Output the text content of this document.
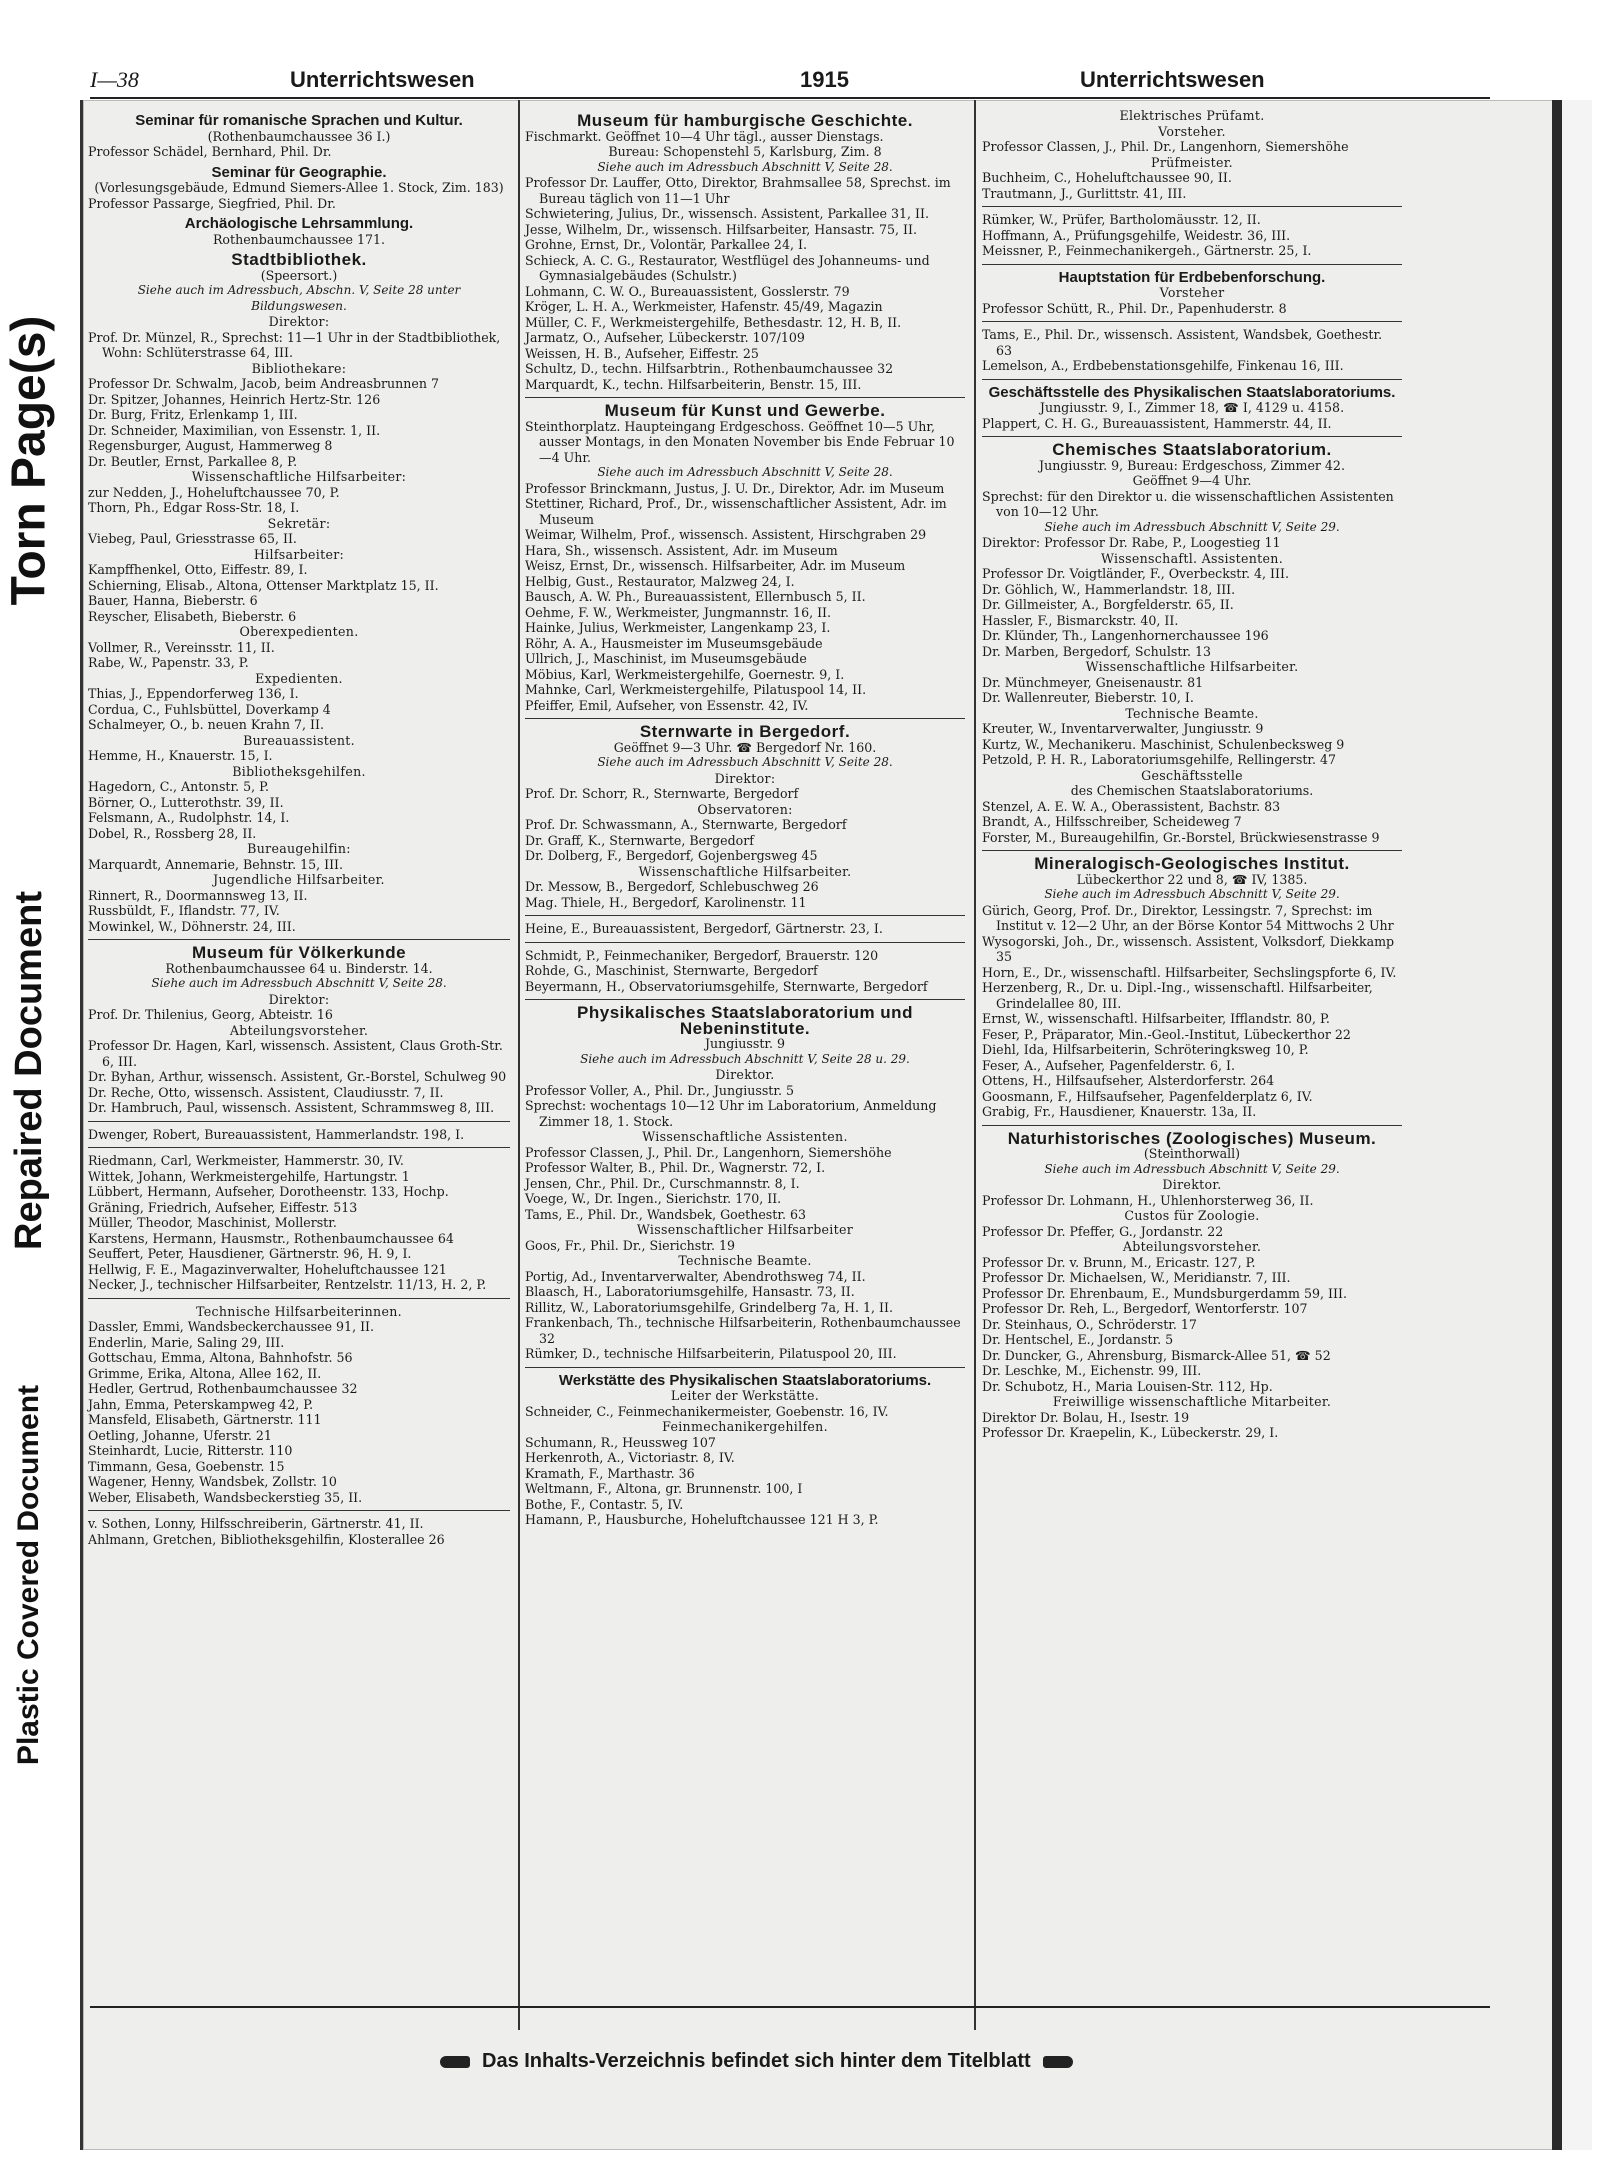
Plastic Covered Document
Repaired Document
Torn Page(s)
I—38	Unterrichtswesen	1915	Unterrichtswesen
Seminar für romanische Sprachen und Kultur.
(Rothenbaumchaussee 36 I.)
Professor Schädel, Bernhard, Phil. Dr.
Seminar für Geographie.
(Vorlesungsgebäude, Edmund Siemers-Allee 1. Stock, Zim. 183)
Professor Passarge, Siegfried, Phil. Dr.
Archäologische Lehrsammlung.
Rothenbaumchaussee 171.
Stadtbibliothek.
(Speersort.)
Siehe auch im Adressbuch, Abschn. V, Seite 28 unter Bildungswesen.
Direktor:
Prof. Dr. Münzel, R., Sprechst: 11—1 Uhr in der Stadtbibliothek, Wohn: Schlüterstrasse 64, III.
Bibliothekare:
Professor Dr. Schwalm, Jacob, beim Andreasbrunnen 7
Dr. Spitzer, Johannes, Heinrich Hertz-Str. 126
Dr. Burg, Fritz, Erlenkamp 1, III.
Dr. Schneider, Maximilian, von Essenstr. 1, II.
Regensburger, August, Hammerweg 8
Dr. Beutler, Ernst, Parkallee 8, P.
Wissenschaftliche Hilfsarbeiter:
zur Nedden, J., Hoheluftchaussee 70, P.
Thorn, Ph., Edgar Ross-Str. 18, I.
Sekretär:
Viebeg, Paul, Griesstrasse 65, II.
Hilfsarbeiter:
Kampffhenkel, Otto, Eiffestr. 89, I.
Schierning, Elisab., Altona, Ottenser Marktplatz 15, II.
Bauer, Hanna, Bieberstr. 6
Reyscher, Elisabeth, Bieberstr. 6
Oberexpedienten.
Vollmer, R., Vereinsstr. 11, II.
Rabe, W., Papenstr. 33, P.
Expedienten.
Thias, J., Eppendorferweg 136, I.
Cordua, C., Fuhlsbüttel, Doverkamp 4
Schalmeyer, O., b. neuen Krahn 7, II.
Bureauassistent.
Hemme, H., Knauerstr. 15, I.
Bibliotheksgehilfen.
Hagedorn, C., Antonstr. 5, P.
Börner, O., Lutterothstr. 39, II.
Felsmann, A., Rudolphstr. 14, I.
Dobel, R., Rossberg 28, II.
Bureaugehilfin:
Marquardt, Annemarie, Behnstr. 15, III.
Jugendliche Hilfsarbeiter.
Rinnert, R., Doormannsweg 13, II.
Russbüldt, F., Iflandstr. 77, IV.
Mowinkel, W., Döhnerstr. 24, III.
Museum für Völkerkunde
Rothenbaumchaussee 64 u. Binderstr. 14.
Siehe auch im Adressbuch Abschnitt V, Seite 28.
Direktor:
Prof. Dr. Thilenius, Georg, Abteistr. 16
Abteilungsvorsteher.
Professor Dr. Hagen, Karl, wissensch. Assistent, Claus Groth-Str. 6, III.
Dr. Byhan, Arthur, wissensch. Assistent, Gr.-Borstel, Schulweg 90
Dr. Reche, Otto, wissensch. Assistent, Claudiusstr. 7, II.
Dr. Hambruch, Paul, wissensch. Assistent, Schrammsweg 8, III.
Dwenger, Robert, Bureauassistent, Hammerlandstr. 198, I.
Riedmann, Carl, Werkmeister, Hammerstr. 30, IV.
Wittek, Johann, Werkmeistergehilfe, Hartungstr. 1
Lübbert, Hermann, Aufseher, Dorotheenstr. 133, Hochp.
Gräning, Friedrich, Aufseher, Eiffestr. 513
Müller, Theodor, Maschinist, Mollerstr.
Karstens, Hermann, Hausmstr., Rothenbaumchaussee 64
Seuffert, Peter, Hausdiener, Gärtnerstr. 96, H. 9, I.
Hellwig, F. E., Magazinverwalter, Hoheluftchaussee 121
Necker, J., technischer Hilfsarbeiter, Rentzelstr. 11/13, H. 2, P.
Technische Hilfsarbeiterinnen.
Dassler, Emmi, Wandsbeckerchaussee 91, II.
Enderlin, Marie, Saling 29, III.
Gottschau, Emma, Altona, Bahnhofstr. 56
Grimme, Erika, Altona, Allee 162, II.
Hedler, Gertrud, Rothenbaumchaussee 32
Jahn, Emma, Peterskampweg 42, P.
Mansfeld, Elisabeth, Gärtnerstr. 111
Oetling, Johanne, Uferstr. 21
Steinhardt, Lucie, Ritterstr. 110
Timmann, Gesa, Goebenstr. 15
Wagener, Henny, Wandsbek, Zollstr. 10
Weber, Elisabeth, Wandsbeckerstieg 35, II.
v. Sothen, Lonny, Hilfsschreiberin, Gärtnerstr. 41, II.
Ahlmann, Gretchen, Bibliotheksgehilfin, Klosterallee 26
Museum für hamburgische Geschichte.
Fischmarkt. Geöffnet 10—4 Uhr tägl., ausser Dienstags.
Bureau: Schopenstehl 5, Karlsburg, Zim. 8
Siehe auch im Adressbuch Abschnitt V, Seite 28.
Professor Dr. Lauffer, Otto, Direktor, Brahmsallee 58, Sprechst. im Bureau täglich von 11—1 Uhr
Schwietering, Julius, Dr., wissensch. Assistent, Parkallee 31, II.
Jesse, Wilhelm, Dr., wissensch. Hilfsarbeiter, Hansastr. 75, II.
Grohne, Ernst, Dr., Volontär, Parkallee 24, I.
Schieck, A. C. G., Restaurator, Westflügel des Johanneums- und Gymnasialgebäudes (Schulstr.)
Lohmann, C. W. O., Bureauassistent, Gosslerstr. 79
Kröger, L. H. A., Werkmeister, Hafenstr. 45/49, Magazin
Müller, C. F., Werkmeistergehilfe, Bethesdastr. 12, H. B, II.
Jarmatz, O., Aufseher, Lübeckerstr. 107/109
Weissen, H. B., Aufseher, Eiffestr. 25
Schultz, D., techn. Hilfsarbtrin., Rothenbaumchaussee 32
Marquardt, K., techn. Hilfsarbeiterin, Benstr. 15, III.
Museum für Kunst und Gewerbe.
Steinthorplatz. Haupteingang Erdgeschoss. Geöffnet 10—5 Uhr, ausser Montags, in den Monaten November bis Ende Februar 10—4 Uhr.
Siehe auch im Adressbuch Abschnitt V, Seite 28.
Professor Brinckmann, Justus, J. U. Dr., Direktor, Adr. im Museum
Stettiner, Richard, Prof., Dr., wissenschaftlicher Assistent, Adr. im Museum
Weimar, Wilhelm, Prof., wissensch. Assistent, Hirschgraben 29
Hara, Sh., wissensch. Assistent, Adr. im Museum
Weisz, Ernst, Dr., wissensch. Hilfsarbeiter, Adr. im Museum
Helbig, Gust., Restaurator, Malzweg 24, I.
Bausch, A. W. Ph., Bureauassistent, Ellernbusch 5, II.
Oehme, F. W., Werkmeister, Jungmannstr. 16, II.
Hainke, Julius, Werkmeister, Langenkamp 23, I.
Röhr, A. A., Hausmeister im Museumsgebäude
Ullrich, J., Maschinist, im Museumsgebäude
Möbius, Karl, Werkmeistergehilfe, Goernestr. 9, I.
Mahnke, Carl, Werkmeistergehilfe, Pilatuspool 14, II.
Pfeiffer, Emil, Aufseher, von Essenstr. 42, IV.
Sternwarte in Bergedorf.
Geöffnet 9—3 Uhr. ☎ Bergedorf Nr. 160.
Siehe auch im Adressbuch Abschnitt V, Seite 28.
Direktor:
Prof. Dr. Schorr, R., Sternwarte, Bergedorf
Observatoren:
Prof. Dr. Schwassmann, A., Sternwarte, Bergedorf
Dr. Graff, K., Sternwarte, Bergedorf
Dr. Dolberg, F., Bergedorf, Gojenbergsweg 45
Wissenschaftliche Hilfsarbeiter.
Dr. Messow, B., Bergedorf, Schlebuschweg 26
Mag. Thiele, H., Bergedorf, Karolinenstr. 11
Heine, E., Bureauassistent, Bergedorf, Gärtnerstr. 23, I.
Schmidt, P., Feinmechaniker, Bergedorf, Brauerstr. 120
Rohde, G., Maschinist, Sternwarte, Bergedorf
Beyermann, H., Observatoriumsgehilfe, Sternwarte, Bergedorf
Physikalisches Staatslaboratorium und Nebeninstitute.
Jungiusstr. 9
Siehe auch im Adressbuch Abschnitt V, Seite 28 u. 29.
Direktor.
Professor Voller, A., Phil. Dr., Jungiusstr. 5
Sprechst: wochentags 10—12 Uhr im Laboratorium, Anmeldung Zimmer 18, 1. Stock.
Wissenschaftliche Assistenten.
Professor Classen, J., Phil. Dr., Langenhorn, Siemershöhe
Professor Walter, B., Phil. Dr., Wagnerstr. 72, I.
Jensen, Chr., Phil. Dr., Curschmannstr. 8, I.
Voege, W., Dr. Ingen., Sierichstr. 170, II.
Tams, E., Phil. Dr., Wandsbek, Goethestr. 63
Wissenschaftlicher Hilfsarbeiter
Goos, Fr., Phil. Dr., Sierichstr. 19
Technische Beamte.
Portig, Ad., Inventarverwalter, Abendrothsweg 74, II.
Blaasch, H., Laboratoriumsgehilfe, Hansastr. 73, II.
Rillitz, W., Laboratoriumsgehilfe, Grindelberg 7a, H. 1, II.
Frankenbach, Th., technische Hilfsarbeiterin, Rothenbaumchaussee 32
Rümker, D., technische Hilfsarbeiterin, Pilatuspool 20, III.
Werkstätte des Physikalischen Staatslaboratoriums.
Leiter der Werkstätte.
Schneider, C., Feinmechanikermeister, Goebenstr. 16, IV.
Feinmechanikergehilfen.
Schumann, R., Heussweg 107
Herkenroth, A., Victoriastr. 8, IV.
Kramath, F., Marthastr. 36
Weltmann, F., Altona, gr. Brunnenstr. 100, I
Bothe, F., Contastr. 5, IV.
Hamann, P., Hausburche, Hoheluftchaussee 121 H 3, P.
Elektrisches Prüfamt.
Vorsteher.
Professor Classen, J., Phil. Dr., Langenhorn, Siemershöhe
Prüfmeister.
Buchheim, C., Hoheluftchaussee 90, II.
Trautmann, J., Gurlittstr. 41, III.
Rümker, W., Prüfer, Bartholomäusstr. 12, II.
Hoffmann, A., Prüfungsgehilfe, Weidestr. 36, III.
Meissner, P., Feinmechanikergeh., Gärtnerstr. 25, I.
Hauptstation für Erdbebenforschung.
Vorsteher
Professor Schütt, R., Phil. Dr., Papenhuderstr. 8
Tams, E., Phil. Dr., wissensch. Assistent, Wandsbek, Goethestr. 63
Lemelson, A., Erdbebenstationsgehilfe, Finkenau 16, III.
Geschäftsstelle des Physikalischen Staatslaboratoriums.
Jungiusstr. 9, I., Zimmer 18, ☎ I, 4129 u. 4158.
Plappert, C. H. G., Bureauassistent, Hammerstr. 44, II.
Chemisches Staatslaboratorium.
Jungiusstr. 9, Bureau: Erdgeschoss, Zimmer 42.
Geöffnet 9—4 Uhr.
Sprechst: für den Direktor u. die wissenschaftlichen Assistenten von 10—12 Uhr.
Siehe auch im Adressbuch Abschnitt V, Seite 29.
Direktor: Professor Dr. Rabe, P., Loogestieg 11
Wissenschaftl. Assistenten.
Professor Dr. Voigtländer, F., Overbeckstr. 4, III.
Dr. Göhlich, W., Hammerlandstr. 18, III.
Dr. Gillmeister, A., Borgfelderstr. 65, II.
Hassler, F., Bismarckstr. 40, II.
Dr. Klünder, Th., Langenhornerchaussee 196
Dr. Marben, Bergedorf, Schulstr. 13
Wissenschaftliche Hilfsarbeiter.
Dr. Münchmeyer, Gneisenaustr. 81
Dr. Wallenreuter, Bieberstr. 10, I.
Technische Beamte.
Kreuter, W., Inventarverwalter, Jungiusstr. 9
Kurtz, W., Mechanikeru. Maschinist, Schulenbecksweg 9
Petzold, P. H. R., Laboratoriumsgehilfe, Rellingerstr. 47
Geschäftsstelle
des Chemischen Staatslaboratoriums.
Stenzel, A. E. W. A., Oberassistent, Bachstr. 83
Brandt, A., Hilfsschreiber, Scheideweg 7
Forster, M., Bureaugehilfin, Gr.-Borstel, Brückwiesenstrasse 9
Mineralogisch-Geologisches Institut.
Lübeckerthor 22 und 8, ☎ IV, 1385.
Siehe auch im Adressbuch Abschnitt V, Seite 29.
Gürich, Georg, Prof. Dr., Direktor, Lessingstr. 7, Sprechst: im Institut v. 12—2 Uhr, an der Börse Kontor 54 Mittwochs 2 Uhr
Wysogorski, Joh., Dr., wissensch. Assistent, Volksdorf, Diekkamp 35
Horn, E., Dr., wissenschaftl. Hilfsarbeiter, Sechslingspforte 6, IV.
Herzenberg, R., Dr. u. Dipl.-Ing., wissenschaftl. Hilfsarbeiter, Grindelallee 80, III.
Ernst, W., wissenschaftl. Hilfsarbeiter, Ifflandstr. 80, P.
Feser, P., Präparator, Min.-Geol.-Institut, Lübeckerthor 22
Diehl, Ida, Hilfsarbeiterin, Schröteringksweg 10, P.
Feser, A., Aufseher, Pagenfelderstr. 6, I.
Ottens, H., Hilfsaufseher, Alsterdorferstr. 264
Goosmann, F., Hilfsaufseher, Pagenfelderplatz 6, IV.
Grabig, Fr., Hausdiener, Knauerstr. 13a, II.
Naturhistorisches (Zoologisches) Museum.
(Steinthorwall)
Siehe auch im Adressbuch Abschnitt V, Seite 29.
Direktor.
Professor Dr. Lohmann, H., Uhlenhorsterweg 36, II.
Custos für Zoologie.
Professor Dr. Pfeffer, G., Jordanstr. 22
Abteilungsvorsteher.
Professor Dr. v. Brunn, M., Ericastr. 127, P.
Professor Dr. Michaelsen, W., Meridianstr. 7, III.
Professor Dr. Ehrenbaum, E., Mundsburgerdamm 59, III.
Professor Dr. Reh, L., Bergedorf, Wentorferstr. 107
Dr. Steinhaus, O., Schröderstr. 17
Dr. Hentschel, E., Jordanstr. 5
Dr. Duncker, G., Ahrensburg, Bismarck-Allee 51, ☎ 52
Dr. Leschke, M., Eichenstr. 99, III.
Dr. Schubotz, H., Maria Louisen-Str. 112, Hp.
Freiwillige wissenschaftliche Mitarbeiter.
Direktor Dr. Bolau, H., Isestr. 19
Professor Dr. Kraepelin, K., Lübeckerstr. 29, I.
Das Inhalts-Verzeichnis befindet sich hinter dem Titelblatt
